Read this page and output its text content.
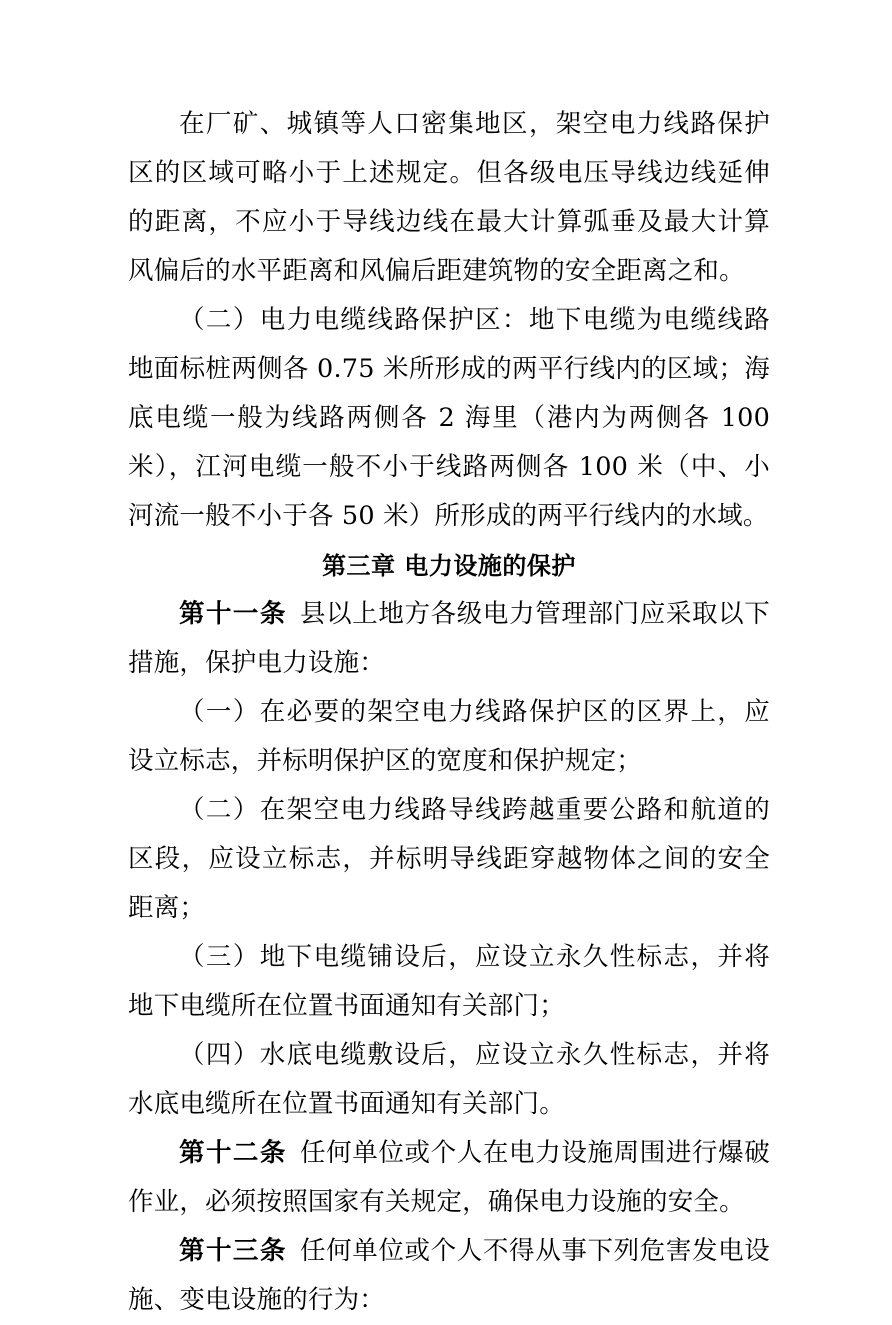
在厂矿、城镇等人口密集地区，架空电力线路保护区的区域可略小于上述规定。但各级电压导线边线延伸的距离，不应小于导线边线在最大计算弧垂及最大计算风偏后的水平距离和风偏后距建筑物的安全距离之和。

（二）电力电缆线路保护区：地下电缆为电缆线路地面标桩两侧各 0.75 米所形成的两平行线内的区域；海底电缆一般为线路两侧各 2 海里（港内为两侧各 100 米），江河电缆一般不小于线路两侧各 100 米（中、小河流一般不小于各 50 米）所形成的两平行线内的水域。

第三章 电力设施的保护

第十一条 县以上地方各级电力管理部门应采取以下措施，保护电力设施：

（一）在必要的架空电力线路保护区的区界上，应设立标志，并标明保护区的宽度和保护规定；

（二）在架空电力线路导线跨越重要公路和航道的区段，应设立标志，并标明导线距穿越物体之间的安全距离；

（三）地下电缆铺设后，应设立永久性标志，并将地下电缆所在位置书面通知有关部门；

（四）水底电缆敷设后，应设立永久性标志，并将水底电缆所在位置书面通知有关部门。

第十二条 任何单位或个人在电力设施周围进行爆破作业，必须按照国家有关规定，确保电力设施的安全。

第十三条 任何单位或个人不得从事下列危害发电设施、变电设施的行为：
